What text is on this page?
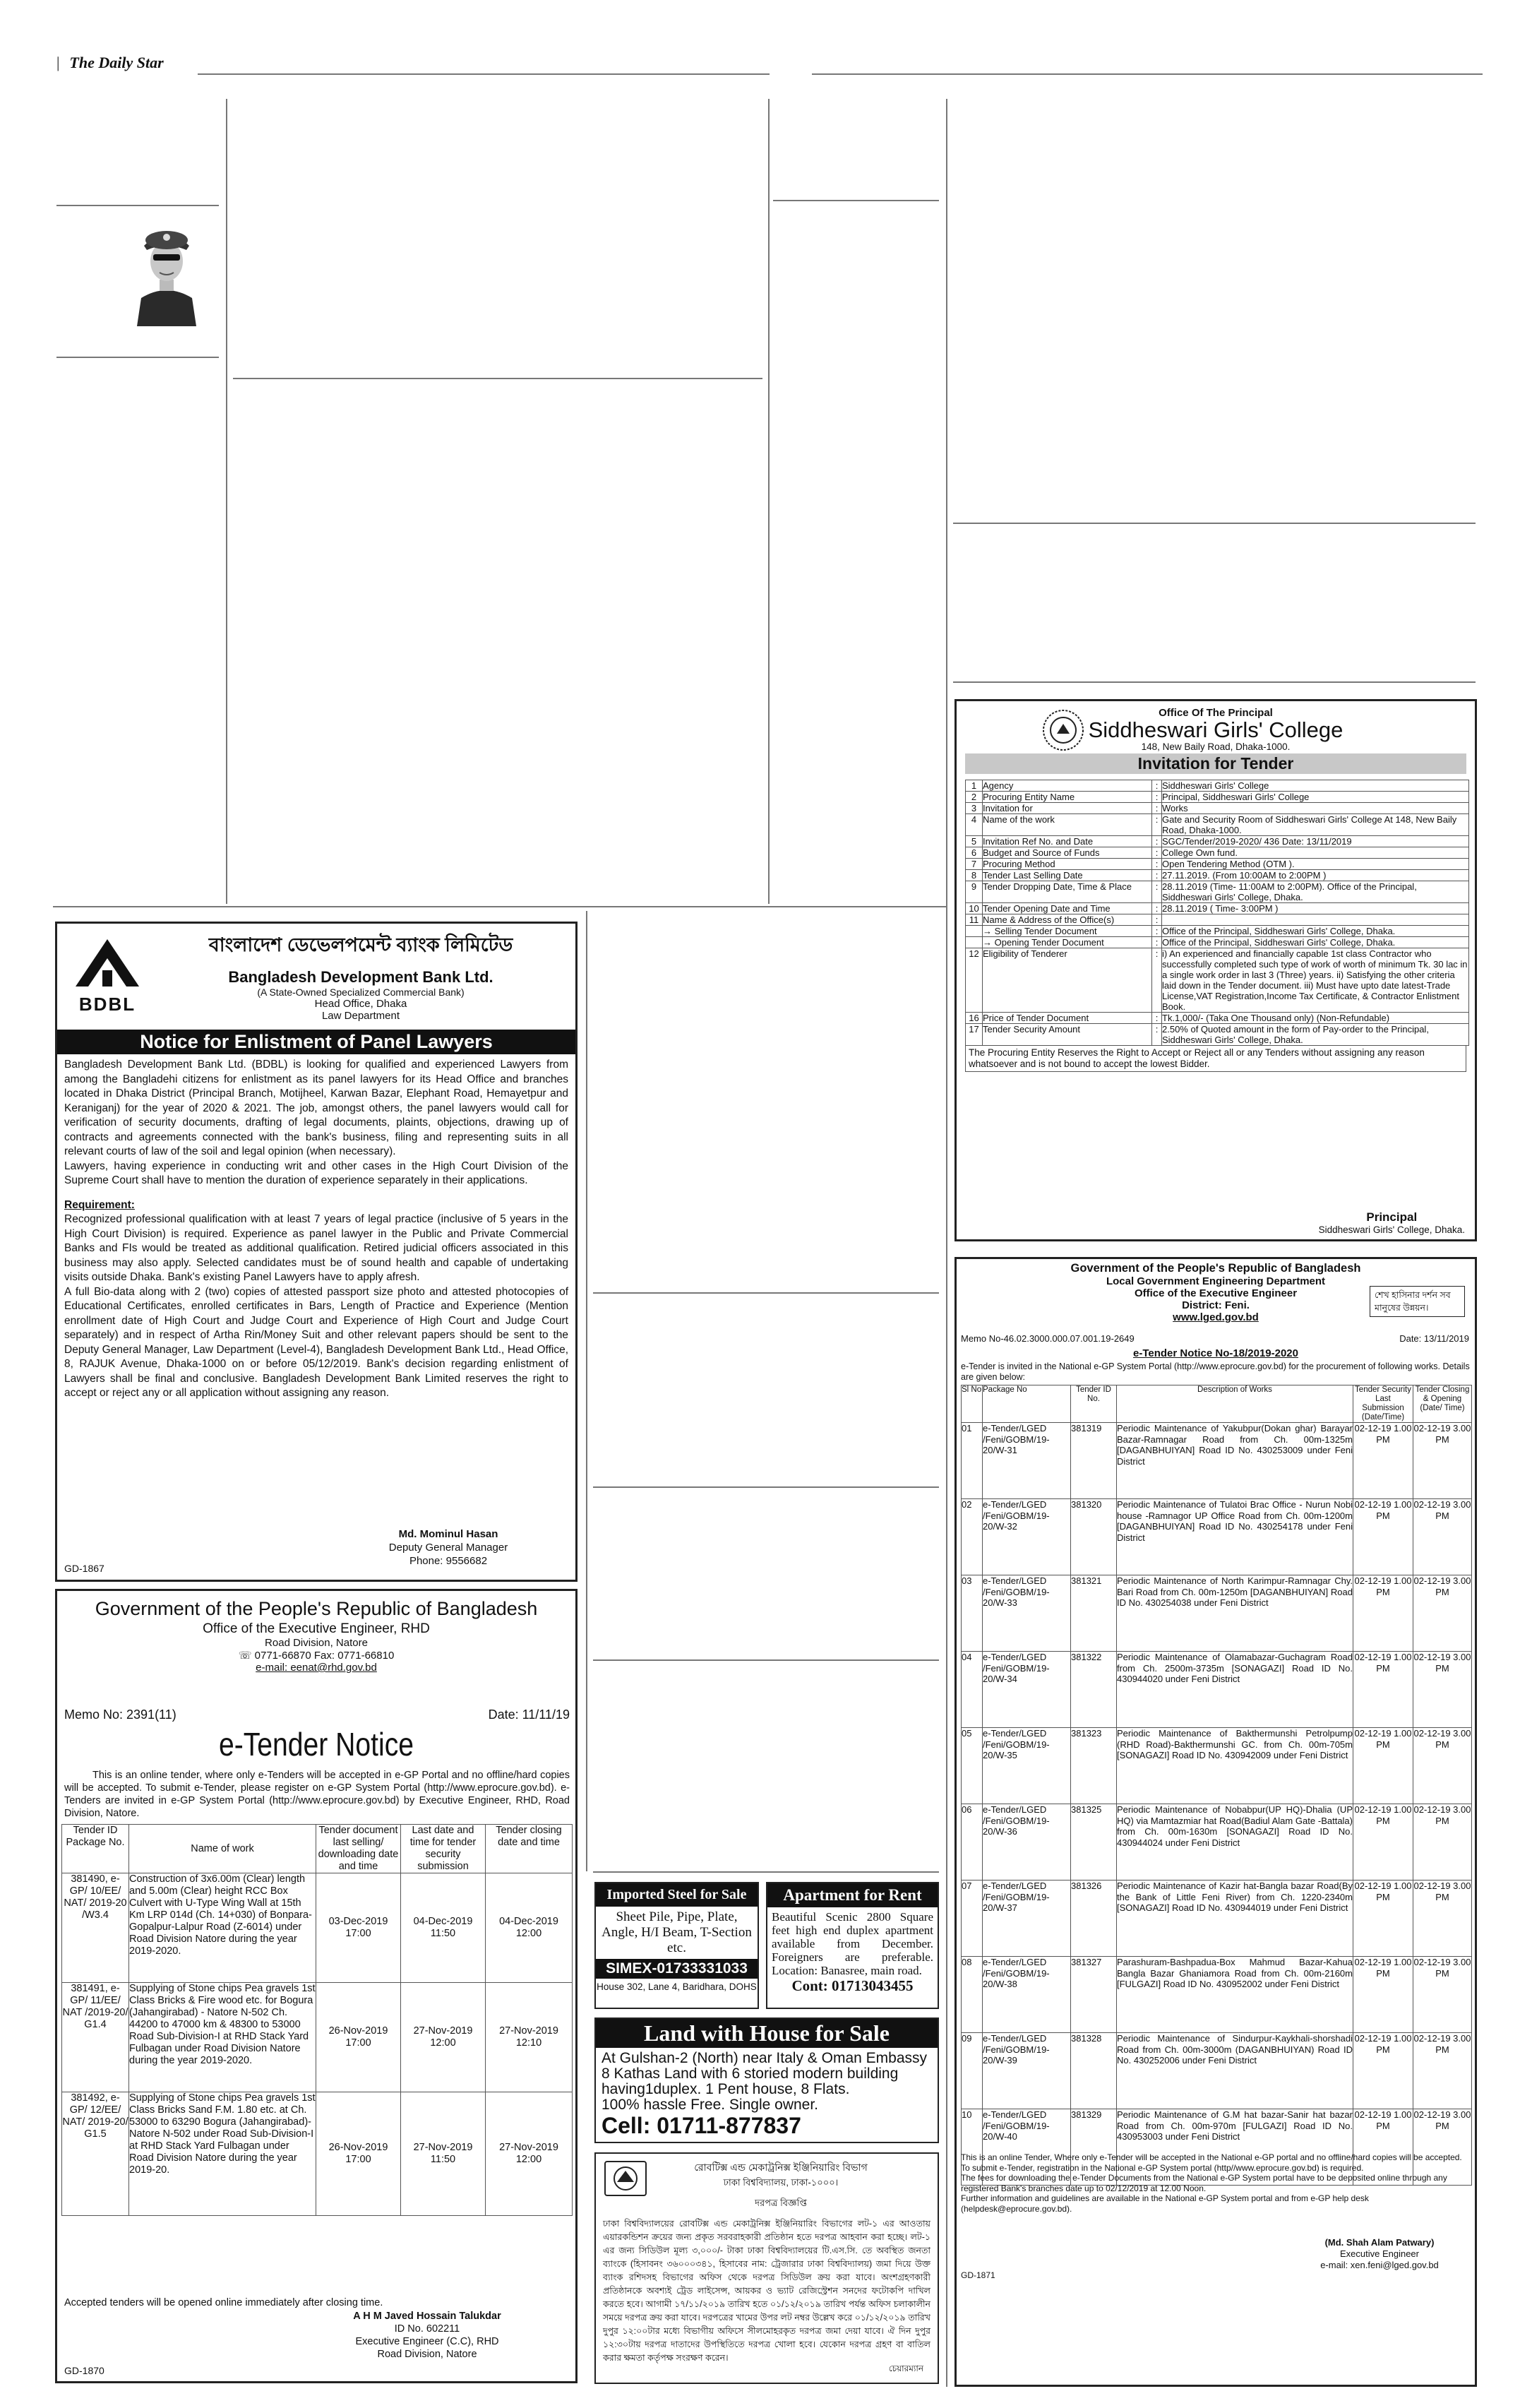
| The Daily Star
BDBL
বাংলাদেশ ডেভেলপমেন্ট ব্যাংক লিমিটেড
Bangladesh Development Bank Ltd.
(A State-Owned Specialized Commercial Bank)
Head Office, Dhaka
Law Department
Notice for Enlistment of Panel Lawyers

Bangladesh Development Bank Ltd. (BDBL) is looking for qualified and experienced Lawyers from among the Bangladehi citizens for enlistment as its panel lawyers for its Head Office and branches located in Dhaka District (Principal Branch, Motijheel, Karwan Bazar, Elephant Road, Hemayetpur and Keraniganj) for the year of 2020 & 2021. The job, amongst others, the panel lawyers would call for verification of security documents, drafting of legal documents, plaints, objections, drawing up of contracts and agreements connected with the bank's business, filing and representing suits in all relevant courts of law of the soil and legal opinion (when necessary).

Lawyers, having experience in conducting writ and other cases in the High Court Division of the Supreme Court shall have to mention the duration of experience separately in their applications.

Requirement:

Recognized professional qualification with at least 7 years of legal practice (inclusive of 5 years in the High Court Division) is required. Experience as panel lawyer in the Public and Private Commercial Banks and FIs would be treated as additional qualification. Retired judicial officers associated in this business may also apply. Selected candidates must be of sound health and capable of undertaking visits outside Dhaka. Bank's existing Panel Lawyers have to apply afresh.

A full Bio-data along with 2 (two) copies of attested passport size photo and attested photocopies of Educational Certificates, enrolled certificates in Bars, Length of Practice and Experience (Mention enrollment date of High Court and Judge Court and Experience of High Court and Judge Court separately) and in respect of Artha Rin/Money Suit and other relevant papers should be sent to the Deputy General Manager, Law Department (Level-4), Bangladesh Development Bank Ltd., Head Office, 8, RAJUK Avenue, Dhaka-1000 on or before 05/12/2019. Bank's decision regarding enlistment of Lawyers shall be final and conclusive. Bangladesh Development Bank Limited reserves the right to accept or reject any or all application without assigning any reason.

Md. Mominul Hasan
Deputy General Manager
Phone: 9556682
GD-1867
Government of the People's Republic of Bangladesh
Office of the Executive Engineer, RHD
Road Division, Natore
☏ 0771-66870 Fax: 0771-66810
e-mail: eenat@rhd.gov.bd
Memo No: 2391(11)	Date: 11/11/19
e-Tender Notice

This is an online tender, where only e-Tenders will be accepted in e-GP Portal and no offline/hard copies will be accepted. To submit e-Tender, please register on e-GP System Portal (http://www.eprocure.gov.bd). e-Tenders are invited in e-GP System Portal (http://www.eprocure.gov.bd) by Executive Engineer, RHD, Road Division, Natore.

Tender ID Package No.	Name of work	Tender document last selling/ downloading date and time	Last date and time for tender security submission	Tender closing date and time
381490, e-GP/ 10/EE/ NAT/ 2019-20 /W3.4	Construction of 3x6.00m (Clear) length and 5.00m (Clear) height RCC Box Culvert with U-Type Wing Wall at 15th Km LRP 014d (Ch. 14+030) of Bonpara-Gopalpur-Lalpur Road (Z-6014) under Road Division Natore during the year 2019-2020.	03-Dec-2019 17:00	04-Dec-2019 11:50	04-Dec-2019 12:00
381491, e-GP/ 11/EE/ NAT /2019-20/ G1.4	Supplying of Stone chips Pea gravels 1st Class Bricks & Fire wood etc. for Bogura (Jahangirabad) - Natore N-502 Ch. 44200 to 47000 km & 48300 to 53000 Road Sub-Division-I at RHD Stack Yard Fulbagan under Road Division Natore during the year 2019-2020.	26-Nov-2019 17:00	27-Nov-2019 12:00	27-Nov-2019 12:10
381492, e-GP/ 12/EE/ NAT/ 2019-20/ G1.5	Supplying of Stone chips Pea gravels 1st Class Bricks Sand F.M. 1.80 etc. at Ch. 53000 to 63290 Bogura (Jahangirabad)-Natore N-502 under Road Sub-Division-I at RHD Stack Yard Fulbagan under Road Division Natore during the year 2019-20.	26-Nov-2019 17:00	27-Nov-2019 11:50	27-Nov-2019 12:00
Accepted tenders will be opened online immediately after closing time.
A H M Javed Hossain Talukdar
ID No. 602211
Executive Engineer (C.C), RHD
Road Division, Natore
GD-1870
Imported Steel for Sale
Sheet Pile, Pipe, Plate, Angle, H/I Beam, T-Section etc.
SIMEX-01733331033
House 302, Lane 4, Baridhara, DOHS
Apartment for Rent
Beautiful Scenic 2800 Square feet high end duplex apartment available from December. Foreigners are preferable. Location: Banasree, main road.
Cont: 01713043455
Land with House for Sale
At Gulshan-2 (North) near Italy & Oman Embassy
8 Kathas Land with 6 storied modern building having1duplex. 1 Pent house, 8 Flats.
100% hassle Free. Single owner.
Cell: 01711-877837
রোবটিক্স এন্ড মেকাট্রনিক্স ইঞ্জিনিয়ারিং বিভাগ
ঢাকা বিশ্ববিদ্যালয়, ঢাকা-১০০০।
দরপত্র বিজ্ঞপ্তি

ঢাকা বিশ্ববিদ্যালয়ের রোবটিক্স এন্ড মেকাট্রনিক্স ইঞ্জিনিয়ারিং বিভাগের লট-১ এর আওতায় এয়ারকন্ডিশন ক্রয়ের জন্য প্রকৃত সরবরাহকারী প্রতিষ্ঠান হতে দরপত্র আহবান করা হচ্ছে। লট-১ এর জন্য সিডিউল মূল্য ৩,০০০/- টাকা ঢাকা বিশ্ববিদ্যালয়ের টি.এস.সি. তে অবস্থিত জনতা ব্যাংকে (হিসাবনং ৩৬০০০৩৪১, হিসাবের নাম: ট্রেজারার ঢাকা বিশ্ববিদ্যালয়) জমা দিয়ে উক্ত ব্যাংক রশিদসহ বিভাগের অফিস থেকে দরপত্র সিডিউল ক্রয় করা যাবে। অংশগ্রহণকারী প্রতিষ্ঠানকে অবশ্যই ট্রেড লাইসেন্স, আয়কর ও ভ্যাট রেজিস্ট্রেশন সনদের ফটোকপি দাখিল করতে হবে। আগামী ১৭/১১/২০১৯ তারিখ হতে ০১/১২/২০১৯ তারিখ পর্যন্ত অফিস চলাকালীন সময়ে দরপত্র ক্রয় করা যাবে। দরপত্রের খামের উপর লট নম্বর উল্লেখ করে ০১/১২/২০১৯ তারিখ দুপুর ১২:০০টার মধ্যে বিভাগীয় অফিসে সীলমোহরকৃত দরপত্র জমা দেয়া যাবে। ঐ দিন দুপুর ১২:৩০টায় দরপত্র দাতাদের উপস্থিতিতে দরপত্র খোলা হবে। যেকোন দরপত্র গ্রহণ বা বাতিল করার ক্ষমতা কর্তৃপক্ষ সংরক্ষণ করেন।

চেয়ারম্যান
Office Of The Principal
Siddheswari Girls' College
148, New Baily Road, Dhaka-1000.
Invitation for Tender
1	Agency	:	Siddheswari Girls' College
2	Procuring Entity Name	:	Principal, Siddheswari Girls' College
3	Invitation for	:	Works
4	Name of the work	:	Gate and Security Room of Siddheswari Girls' College At 148, New Baily Road, Dhaka-1000.
5	Invitation Ref No. and Date	:	SGC/Tender/2019-2020/ 436 Date: 13/11/2019
6	Budget and Source of Funds	:	College Own fund.
7	Procuring Method	:	Open Tendering Method (OTM ).
8	Tender Last Selling Date	:	27.11.2019. (From 10:00AM to 2:00PM )
9	Tender Dropping Date, Time & Place	:	28.11.2019 (Time- 11:00AM to 2:00PM). Office of the Principal, Siddheswari Girls' College, Dhaka.
10	Tender Opening Date and Time	:	28.11.2019 ( Time- 3:00PM )
11	Name & Address of the Office(s)	:	
	→ Selling Tender Document	:	Office of the Principal, Siddheswari Girls' College, Dhaka.
	→ Opening Tender Document	:	Office of the Principal, Siddheswari Girls' College, Dhaka.
12	Eligibility of Tenderer	:	i) An experienced and financially capable 1st class Contractor who successfully completed such type of work of worth of minimum Tk. 30 lac in a single work order in last 3 (Three) years. ii) Satisfying the other criteria laid down in the Tender document. iii) Must have upto date latest-Trade License,VAT Registration,Income Tax Certificate, & Contractor Enlistment Book.
16	Price of Tender Document	:	Tk.1,000/- (Taka One Thousand only) (Non-Refundable)
17	Tender Security Amount	:	2.50% of Quoted amount in the form of Pay-order to the Principal, Siddheswari Girls' College, Dhaka.
The Procuring Entity Reserves the Right to Accept or Reject all or any Tenders without assigning any reason whatsoever and is not bound to accept the lowest Bidder.
Principal
Siddheswari Girls' College, Dhaka.
Government of the People's Republic of Bangladesh
Local Government Engineering Department
Office of the Executive Engineer
District: Feni.
www.lged.gov.bd
শেখ হাসিনার দর্শন সব মানুষের উন্নয়ন।
Memo No-46.02.3000.000.07.001.19-2649	Date: 13/11/2019
e-Tender Notice No-18/2019-2020
e-Tender is invited in the National e-GP System Portal (http://www.eprocure.gov.bd) for the procurement of following works. Details are given below:
Sl No	Package No	Tender ID No.	Description of Works	Tender Security Last Submission (Date/Time)	Tender Closing & Opening (Date/ Time)
01	e-Tender/LGED /Feni/GOBM/19-20/W-31	381319	Periodic Maintenance of Yakubpur(Dokan ghar) Barayar Bazar-Ramnagar Road from Ch. 00m-1325m [DAGANBHUIYAN] Road ID No. 430253009 under Feni District	02-12-19 1.00 PM	02-12-19 3.00 PM
02	e-Tender/LGED /Feni/GOBM/19-20/W-32	381320	Periodic Maintenance of Tulatoi Brac Office - Nurun Nobi house -Ramnagor UP Office Road from Ch. 00m-1200m [DAGANBHUIYAN] Road ID No. 430254178 under Feni District	02-12-19 1.00 PM	02-12-19 3.00 PM
03	e-Tender/LGED /Feni/GOBM/19-20/W-33	381321	Periodic Maintenance of North Karimpur-Ramnagar Chy. Bari Road from Ch. 00m-1250m [DAGANBHUIYAN] Road ID No. 430254038 under Feni District	02-12-19 1.00 PM	02-12-19 3.00 PM
04	e-Tender/LGED /Feni/GOBM/19-20/W-34	381322	Periodic Maintenance of Olamabazar-Guchagram Road from Ch. 2500m-3735m [SONAGAZI] Road ID No. 430944020 under Feni District	02-12-19 1.00 PM	02-12-19 3.00 PM
05	e-Tender/LGED /Feni/GOBM/19-20/W-35	381323	Periodic Maintenance of Bakthermunshi Petrolpump (RHD Road)-Bakthermunshi GC. from Ch. 00m-705m [SONAGAZI] Road ID No. 430942009 under Feni District	02-12-19 1.00 PM	02-12-19 3.00 PM
06	e-Tender/LGED /Feni/GOBM/19-20/W-36	381325	Periodic Maintenance of Nobabpur(UP HQ)-Dhalia (UP HQ) via Mamtazmiar hat Road(Badiul Alam Gate -Battala) from Ch. 00m-1630m [SONAGAZI] Road ID No. 430944024 under Feni District	02-12-19 1.00 PM	02-12-19 3.00 PM
07	e-Tender/LGED /Feni/GOBM/19-20/W-37	381326	Periodic Maintenance of Kazir hat-Bangla bazar Road(By the Bank of Little Feni River) from Ch. 1220-2340m [SONAGAZI] Road ID No. 430944019 under Feni District	02-12-19 1.00 PM	02-12-19 3.00 PM
08	e-Tender/LGED /Feni/GOBM/19-20/W-38	381327	Parashuram-Bashpadua-Box Mahmud Bazar-Kahua Bangla Bazar Ghaniamora Road from Ch. 00m-2160m [FULGAZI] Road ID No. 430952002 under Feni District	02-12-19 1.00 PM	02-12-19 3.00 PM
09	e-Tender/LGED /Feni/GOBM/19-20/W-39	381328	Periodic Maintenance of Sindurpur-Kaykhali-shorshadi Road from Ch. 00m-3000m (DAGANBHUIYAN) Road ID No. 430252006 under Feni District	02-12-19 1.00 PM	02-12-19 3.00 PM
10	e-Tender/LGED /Feni/GOBM/19-20/W-40	381329	Periodic Maintenance of G.M hat bazar-Sanir hat bazar Road from Ch. 00m-970m [FULGAZI] Road ID No. 430953003 under Feni District	02-12-19 1.00 PM	02-12-19 3.00 PM
This is an online Tender, Where only e-Tender will be accepted in the National e-GP portal and no offline/hard copies will be accepted.
To submit e-Tender, registration in the National e-GP System portal (http//www.eprocure.gov.bd) is required.
The fees for downloading the e-Tender Documents from the National e-GP System portal have to be deposited online through any registered Bank's branches date up to 02/12/2019 at 12.00 Noon.
Further information and guidelines are available in the National e-GP System portal and from e-GP help desk (helpdesk@eprocure.gov.bd).
(Md. Shah Alam Patwary)
Executive Engineer
e-mail: xen.feni@lged.gov.bd
GD-1871
